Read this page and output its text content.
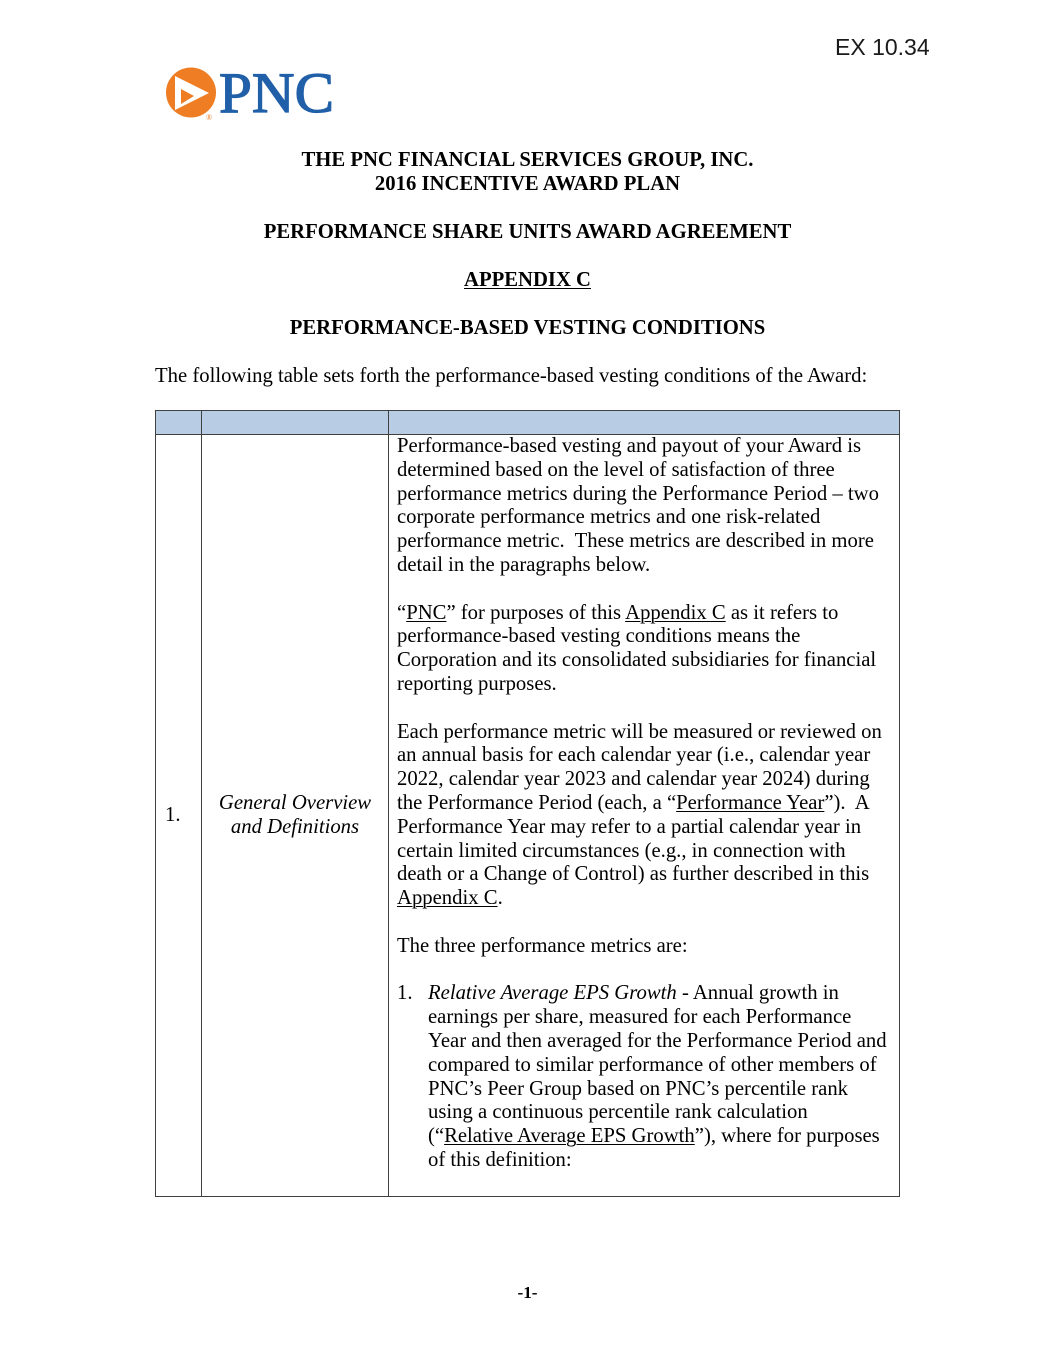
EX 10.34
® PNC
THE PNC FINANCIAL SERVICES GROUP, INC.
2016 INCENTIVE AWARD PLAN
PERFORMANCE SHARE UNITS AWARD AGREEMENT
APPENDIX C
PERFORMANCE-BASED VESTING CONDITIONS
The following table sets forth the performance-based vesting conditions of the Award:
1.
General Overview
and Definitions
Performance-based vesting and payout of your Award is
determined based on the level of satisfaction of three
performance metrics during the Performance Period – two
corporate performance metrics and one risk-related
performance metric.  These metrics are described in more
detail in the paragraphs below.
“PNC” for purposes of this Appendix C as it refers to
performance-based vesting conditions means the
Corporation and its consolidated subsidiaries for financial
reporting purposes.
Each performance metric will be measured or reviewed on
an annual basis for each calendar year (i.e., calendar year
2022, calendar year 2023 and calendar year 2024) during
the Performance Period (each, a “Performance Year”).  A
Performance Year may refer to a partial calendar year in
certain limited circumstances (e.g., in connection with
death or a Change of Control) as further described in this
Appendix C.
The three performance metrics are:
1. Relative Average EPS Growth - Annual growth in
earnings per share, measured for each Performance
Year and then averaged for the Performance Period and
compared to similar performance of other members of
PNC’s Peer Group based on PNC’s percentile rank
using a continuous percentile rank calculation
(“Relative Average EPS Growth”), where for purposes
of this definition:
-1-
